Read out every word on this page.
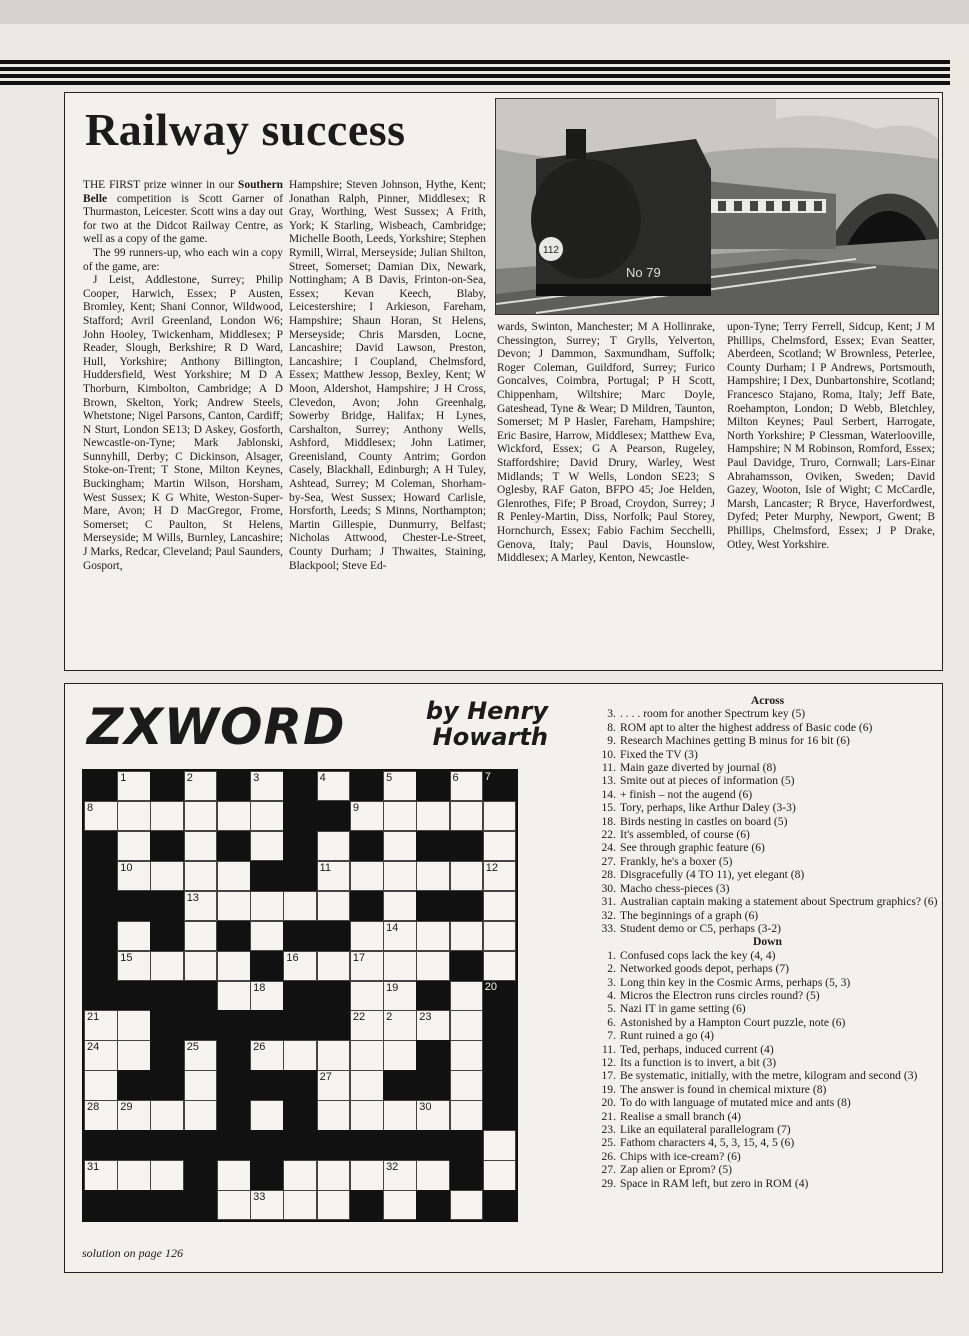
Railway success

THE FIRST prize winner in our Southern Belle competition is Scott Garner of Thurmaston, Leicester. Scott wins a day out for two at the Didcot Railway Centre, as well as a copy of the game.

The 99 runners-up, who each win a copy of the game, are:

J Leist, Addlestone, Surrey; Philip Cooper, Harwich, Essex; P Austen, Bromley, Kent; Shani Connor, Wildwood, Stafford; Avril Greenland, London W6; John Hooley, Twickenham, Middlesex; P Reader, Slough, Berkshire; R D Ward, Hull, Yorkshire; Anthony Billington, Huddersfield, West Yorkshire; M D A Thorburn, Kimbolton, Cambridge; A D Brown, Skelton, York; Andrew Steels, Whetstone; Nigel Parsons, Canton, Cardiff; N Sturt, London SE13; D Askey, Gosforth, Newcastle-on-Tyne; Mark Jablonski, Sunnyhill, Derby; C Dickinson, Alsager, Stoke-on-Trent; T Stone, Milton Keynes, Buckingham; Martin Wilson, Horsham, West Sussex; K G White, Weston-Super-Mare, Avon; H D MacGregor, Frome, Somerset; C Paulton, St Helens, Merseyside; M Wills, Burnley, Lancashire; J Marks, Redcar, Cleveland; Paul Saunders, Gosport,

Hampshire; Steven Johnson, Hythe, Kent; Jonathan Ralph, Pinner, Middlesex; R Gray, Worthing, West Sussex; A Frith, York; K Starling, Wisbeach, Cambridge; Michelle Booth, Leeds, Yorkshire; Stephen Rymill, Wirral, Merseyside; Julian Shilton, Street, Somerset; Damian Dix, Newark, Nottingham; A B Davis, Frinton-on-Sea, Essex; Kevan Keech, Blaby, Leicestershire; I Arkieson, Fareham, Hampshire; Shaun Horan, St Helens, Merseyside; Chris Marsden, Locne, Lancashire; David Lawson, Preston, Lancashire; I Coupland, Chelmsford, Essex; Matthew Jessop, Bexley, Kent; W Moon, Aldershot, Hampshire; J H Cross, Clevedon, Avon; John Greenhalg, Sowerby Bridge, Halifax; H Lynes, Carshalton, Surrey; Anthony Wells, Ashford, Middlesex; John Latimer, Greenisland, County Antrim; Gordon Casely, Blackhall, Edinburgh; A H Tuley, Ashtead, Surrey; M Coleman, Shorham-by-Sea, West Sussex; Howard Carlisle, Horsforth, Leeds; S Minns, Northampton; Martin Gillespie, Dunmurry, Belfast; Nicholas Attwood, Chester-Le-Street, County Durham; J Thwaites, Staining, Blackpool; Steve Ed-

112
No 79

wards, Swinton, Manchester; M A Hollinrake, Chessington, Surrey; T Grylls, Yelverton, Devon; J Dammon, Saxmundham, Suffolk; Roger Coleman, Guildford, Surrey; Furico Goncalves, Coimbra, Portugal; P H Scott, Chippenham, Wiltshire; Marc Doyle, Gateshead, Tyne & Wear; D Mildren, Taunton, Somerset; M P Hasler, Fareham, Hampshire; Eric Basire, Harrow, Middlesex; Matthew Eva, Wickford, Essex; G A Pearson, Rugeley, Staffordshire; David Drury, Warley, West Midlands; T W Wells, London SE23; S Oglesby, RAF Gaton, BFPO 45; Joe Helden, Glenrothes, Fife; P Broad, Croydon, Surrey; J R Penley-Martin, Diss, Norfolk; Paul Storey, Hornchurch, Essex; Fabio Fachim Secchelli, Genova, Italy; Paul Davis, Hounslow, Middlesex; A Marley, Kenton, Newcastle-

upon-Tyne; Terry Ferrell, Sidcup, Kent; J M Phillips, Chelmsford, Essex; Evan Seatter, Aberdeen, Scotland; W Brownless, Peterlee, County Durham; I P Andrews, Portsmouth, Hampshire; I Dex, Dunbartonshire, Scotland; Francesco Stajano, Roma, Italy; Jeff Bate, Roehampton, London; D Webb, Bletchley, Milton Keynes; Paul Serbert, Harrogate, North Yorkshire; P Clessman, Waterlooville, Hampshire; N M Robinson, Romford, Essex; Paul Davidge, Truro, Cornwall; Lars-Einar Abrahamsson, Oviken, Sweden; David Gazey, Wooton, Isle of Wight; C McCardle, Marsh, Lancaster; R Bryce, Haverfordwest, Dyfed; Peter Murphy, Newport, Gwent; B Phillips, Chelmsford, Essex; J P Drake, Otley, West Yorkshire.

ZXWORD	by Henry
Howarth
1	2	3	4	5	6 7
8	9
10	11	12
13
14
15	16	17
18	19	20
21	22 2 23
24	25	26
27
28 29	30
31	32
33
solution on page 126
Across
3. . . . . room for another Spectrum key (5)
8. ROM apt to alter the highest address of Basic code (6)
9. Research Machines getting B minus for 16 bit (6)
10. Fixed the TV (3)
11. Main gaze diverted by journal (8)
13. Smite out at pieces of information (5)
14. + finish – not the augend (6)
15. Tory, perhaps, like Arthur Daley (3-3)
18. Birds nesting in castles on board (5)
22. It's assembled, of course (6)
24. See through graphic feature (6)
27. Frankly, he's a boxer (5)
28. Disgracefully (4 TO 11), yet elegant (8)
30. Macho chess-pieces (3)
31. Australian captain making a statement about Spectrum graphics? (6)
32. The beginnings of a graph (6)
33. Student demo or C5, perhaps (3-2)
Down
1. Confused cops lack the key (4, 4)
2. Networked goods depot, perhaps (7)
3. Long thin key in the Cosmic Arms, perhaps (5, 3)
4. Micros the Electron runs circles round? (5)
5. Nazi IT in game setting (6)
6. Astonished by a Hampton Court puzzle, note (6)
7. Runt ruined a go (4)
11. Ted, perhaps, induced current (4)
12. Its a function is to invert, a bit (3)
17. Be systematic, initially, with the metre, kilogram and second (3)
19. The answer is found in chemical mixture (8)
20. To do with language of mutated mice and ants (8)
21. Realise a small branch (4)
23. Like an equilateral parallelogram (7)
25. Fathom characters 4, 5, 3, 15, 4, 5 (6)
26. Chips with ice-cream? (6)
27. Zap alien or Eprom? (5)
29. Space in RAM left, but zero in ROM (4)
